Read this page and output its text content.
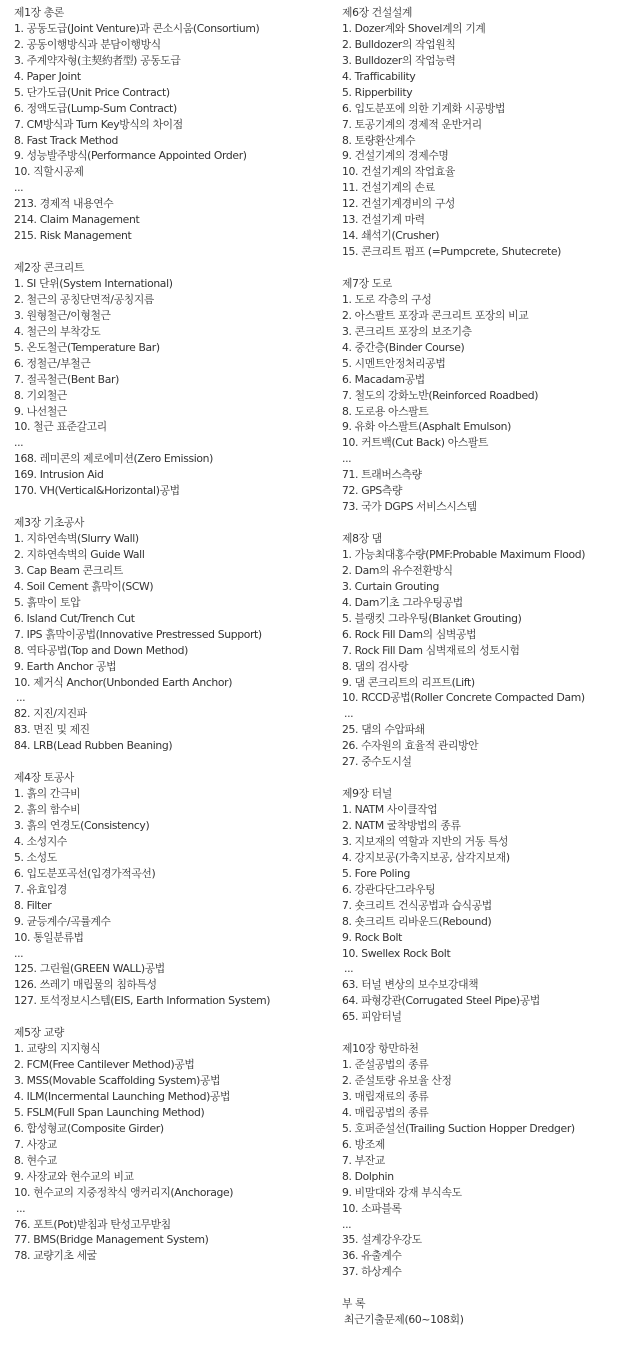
제1장 총론
1. 공동도급(Joint Venture)과 콘소시움(Consortium)
2. 공동이행방식과 분담이행방식
3. 주계약자형(主契約者型) 공동도급
4. Paper Joint
5. 단가도급(Unit Price Contract)
6. 정액도급(Lump-Sum Contract)
7. CM방식과 Turn Key방식의 차이점
8. Fast Track Method
9. 성능발주방식(Performance Appointed Order)
10. 직할시공제
...
213. 경제적 내용연수
214. Claim Management
215. Risk Management
제2장 콘크리트
1. SI 단위(System International)
2. 철근의 공칭단면적/공칭지름
3. 원형철근/이형철근
4. 철근의 부착강도
5. 온도철근(Temperature Bar)
6. 정철근/부철근
7. 절곡철근(Bent Bar)
8. 기외철근
9. 나선철근
10. 철근 표준갈고리
...
168. 레미콘의 제로에미션(Zero Emission)
169. Intrusion Aid
170. VH(Vertical&Horizontal)공법
제3장 기초공사
1. 지하연속벽(Slurry Wall)
2. 지하연속벽의 Guide Wall
3. Cap Beam 콘크리트
4. Soil Cement 흙막이(SCW)
5. 흙막이 토압
6. Island Cut/Trench Cut
7. IPS 흙막이공법(Innovative Prestressed Support)
8. 역타공법(Top and Down Method)
9. Earth Anchor 공법
10. 제거식 Anchor(Unbonded Earth Anchor)
...
82. 지진/지진파
83. 면진 및 제진
84. LRB(Lead Rubben Beaning)
제4장 토공사
1. 흙의 간극비
2. 흙의 함수비
3. 흙의 연경도(Consistency)
4. 소성지수
5. 소성도
6. 입도분포곡선(입경가적곡선)
7. 유효입경
8. Filter
9. 균등계수/곡률계수
10. 통일분류법
...
125. 그린월(GREEN WALL)공법
126. 쓰레기 매립물의 침하특성
127. 토석정보시스템(EIS, Earth Information System)
제5장 교량
1. 교량의 지지형식
2. FCM(Free Cantilever Method)공법
3. MSS(Movable Scaffolding System)공법
4. ILM(Incermental Launching Method)공법
5. FSLM(Full Span Launching Method)
6. 합성형교(Composite Girder)
7. 사장교
8. 현수교
9. 사장교와 현수교의 비교
10. 현수교의 지중정착식 앵커리지(Anchorage)
...
76. 포트(Pot)받침과 탄성고무받침
77. BMS(Bridge Management System)
78. 교량기초 세굴
제6장 건설설계
1. Dozer계와 Shovel계의 기계
2. Bulldozer의 작업원칙
3. Bulldozer의 작업능력
4. Trafficability
5. Ripperbility
6. 입도분포에 의한 기계화 시공방법
7. 토공기계의 경제적 운반거리
8. 토량환산계수
9. 건설기계의 경제수명
10. 건설기계의 작업효율
11. 건설기계의 손료
12. 건설기계경비의 구성
13. 건설기계 마력
14. 쇄석기(Crusher)
15. 콘크리트 펌프 (=Pumpcrete, Shutecrete)
제7장 도로
1. 도로 각층의 구성
2. 아스팔트 포장과 콘크리트 포장의 비교
3. 콘크리트 포장의 보조기층
4. 중간층(Binder Course)
5. 시멘트안정처리공법
6. Macadam공법
7. 철도의 강화노반(Reinforced Roadbed)
8. 도로용 아스팔트
9. 유화 아스팔트(Asphalt Emulson)
10. 커트백(Cut Back) 아스팔트
...
71. 트래버스측량
72. GPS측량
73. 국가 DGPS 서비스시스템
제8장 댐
1. 가능최대홍수량(PMF:Probable Maximum Flood)
2. Dam의 유수전환방식
3. Curtain Grouting
4. Dam기초 그라우팅공법
5. 블랭킷 그라우팅(Blanket Grouting)
6. Rock Fill Dam의 심벽공법
7. Rock Fill Dam 심벽재료의 성토시험
8. 댐의 검사랑
9. 댐 콘크리트의 리프트(Lift)
10. RCCD공법(Roller Concrete Compacted Dam)
...
25. 댐의 수압파쇄
26. 수자원의 효율적 관리방안
27. 중수도시설
제9장 터널
1. NATM 사이클작업
2. NATM 굴착방법의 종류
3. 지보재의 역할과 지반의 거동 특성
4. 강지보공(가축지보공, 삼각지보재)
5. Fore Poling
6. 강관다단그라우팅
7. 숏크리트 건식공법과 습식공법
8. 숏크리트 리바운드(Rebound)
9. Rock Bolt
10. Swellex Rock Bolt
...
63. 터널 변상의 보수보강대책
64. 파형강관(Corrugated Steel Pipe)공법
65. 피암터널
제10장 항만하천
1. 준설공법의 종류
2. 준설토량 유보율 산정
3. 매립재료의 종류
4. 매립공법의 종류
5. 호퍼준설선(Trailing Suction Hopper Dredger)
6. 방조제
7. 부잔교
8. Dolphin
9. 비말대와 강재 부식속도
10. 소파블록
...
35. 설계강우강도
36. 유출계수
37. 하상계수
부 록
최근기출문제(60~108회)
